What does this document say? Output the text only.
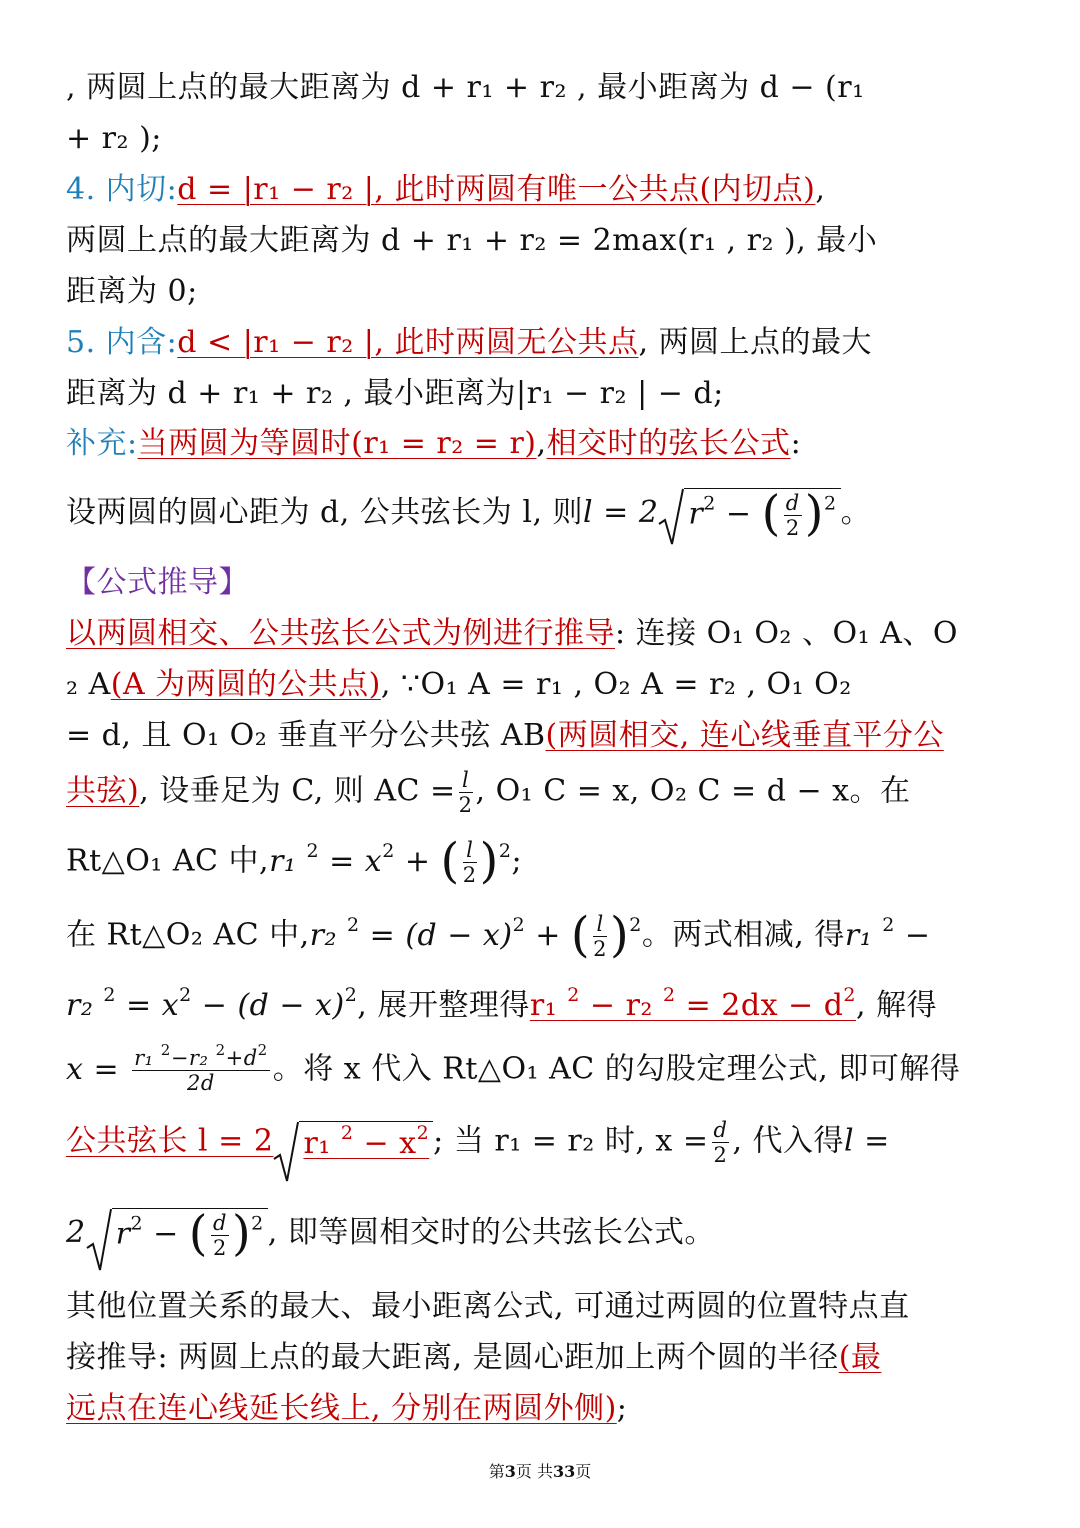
, 两圆上点的最大距离为 d + r₁ + r₂ , 最小距离为 d − (r₁
+ r₂ );
4. 内切:d = |r₁ − r₂ |, 此时两圆有唯一公共点(内切点),
两圆上点的最大距离为 d + r₁ + r₂ = 2max(r₁ , r₂ ), 最小
距离为 0;
5. 内含:d < |r₁ − r₂ |, 此时两圆无公共点, 两圆上点的最大
距离为 d + r₁ + r₂ , 最小距离为|r₁ − r₂ | − d;
补充:当两圆为等圆时(r₁ = r₂ = r),相交时的弦长公式:
设两圆的圆心距为 d, 公共弦长为 l, 则l = 2 $r^2$ − ( $\frac{d}{2} )^2$ 。
【公式推导】
以两圆相交、公共弦长公式为例进行推导: 连接 O₁ O₂ 、O₁ A、O
₂ A(A 为两圆的公共点), ∵O₁ A = r₁ , O₂ A = r₂ , O₁ O₂
= d, 且 O₁ O₂ 垂直平分公共弦 AB(两圆相交, 连心线垂直平分公
共弦), 设垂足为 C, 则 AC = $\frac{l}{2}$ , O₁ C = x, O₂ C = d − x。在
Rt△O₁ AC 中,r₁ $^2 = x^2$ + ( $\frac{l}{2} )^2$;
在 Rt△O₂ AC 中,r₂ $^2 = (d - x)^2$ + ( $\frac{l}{2} )^2$。两式相减, 得r₁ $^2$ −
r₂ $^2 = x^2 - (d - x)^2$, 展开整理得r₁ $^2$ − r₂ $^2 = 2dx - d^2$, 解得
$x = \frac{r_1 ^2-r_2 ^2+d^2}{2d}$ 。将 x 代入 Rt△O₁ AC 的勾股定理公式, 即可解得
公共弦长 l = 2 r₁ $^2 - x^2$ ; 当 r₁ = r₂ 时, $x = \frac{d}{2}$ , 代入得l =
2 $r^2$ − ( $\frac{d}{2} )^2$ , 即等圆相交时的公共弦长公式。
其他位置关系的最大、最小距离公式, 可通过两圆的位置特点直
接推导: 两圆上点的最大距离, 是圆心距加上两个圆的半径(最
远点在连心线延长线上, 分别在两圆外侧);
第3页 共33页
